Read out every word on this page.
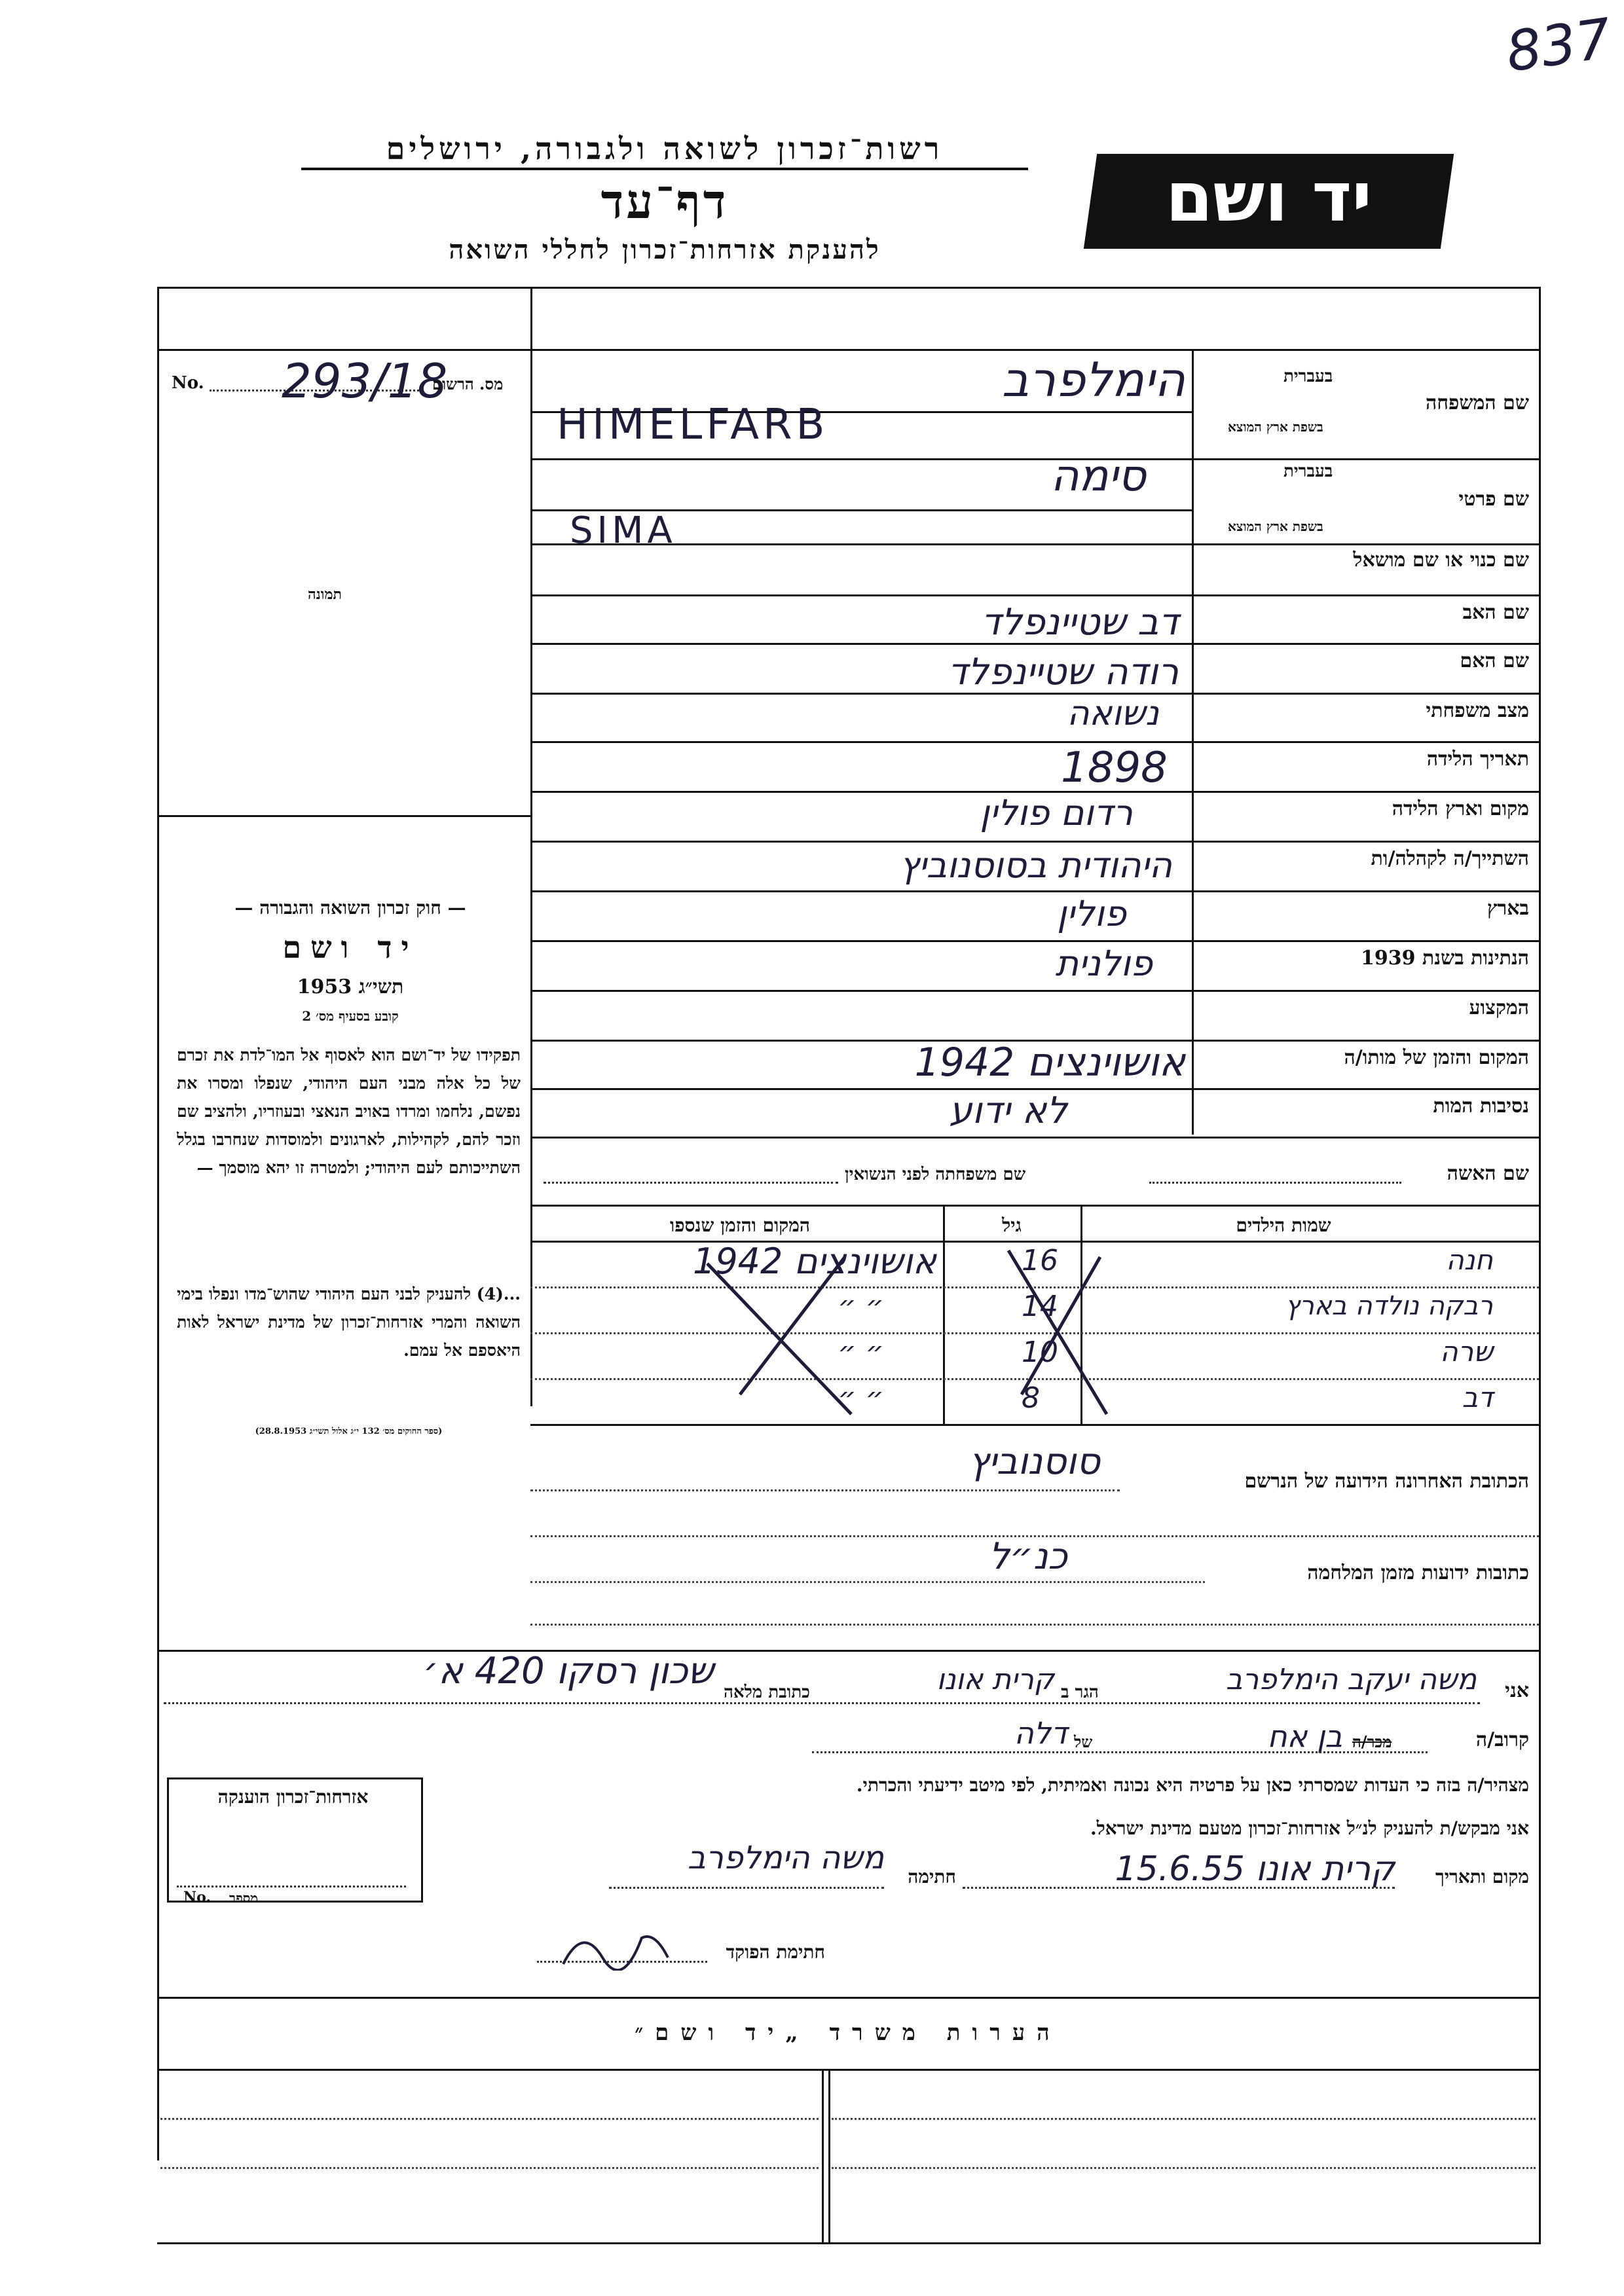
837
רשות־זכרון לשואה ולגבורה, ירושלים
דף־עד
להענקת אזרחות־זכרון לחללי השואה
יד ושם
No. 293/18
מס. הרשום
תמונה
בעברית
שם המשפחה
בשפת ארץ המוצא
בעברית
שם פרטי
בשפת ארץ המוצא
שם כנוי או שם מושאל
שם האב
שם האם
מצב משפחתי
תאריך הלידה
מקום וארץ הלידה
השתייך/ה לקהלה/ות
בארץ
הנתינות בשנת 1939
המקצוע
המקום והזמן של מותו/ה
נסיבות המות
הימלפרב
HIMELFARB
סימה
SIMA
דב שטיינפלד
רודה שטיינפלד
נשואה
1898
רדום פולין
היהודית בסוסנוביץ
פולין
פולנית
אושוינצים 1942
לא ידוע
— חוק זכרון השואה והגבורה —
יד ושם
תשי״ג 1953
קובע בסעיף מס׳ 2
תפקידו של יד־ושם הוא לאסוף אל המו־לדת את זכרם של כל אלה מבני העם היהודי, שנפלו ומסרו את נפשם, נלחמו ומרדו באויב הנאצי ובעוזריו, ולהציב שם וזכר להם, לקהילות, לארגונים ולמוסדות שנחרבו בגלל השתייכותם לעם היהודי; ולמטרה זו יהא מוסמך —
...(4) להעניק לבני העם היהודי שהוש־מדו ונפלו בימי השואה והמרי אזרחות־זכרון של מדינת ישראל לאות היאספם אל עמם.
(ספר החוקים מס׳ 132 י״ג אלול תשי״ג 28.8.1953)
שם האשה
שם משפחתה לפני הנשואין
שמות הילדים
גיל
המקום והזמן שנספו
חנה
16
אושוינצים 1942
רבקה נולדה בארץ
14
״ ״
שרה
10
״ ״
דב
8
״ ״
הכתובת האחרונה הידועה של הנרשם
סוסנוביץ
כתובות ידועות מזמן המלחמה
כנ״ל
אני
משה יעקב הימלפרב
הגר ב
קרית אונו
כתובת מלאה
שכון רסקו 420 א׳
קרוב/ה
מכר/ה
בן אח
של
דלה
מצהיר/ה בזה כי העדות שמסרתי כאן על פרטיה היא נכונה ואמיתית, לפי מיטב ידיעתי והכרתי.
אני מבקש/ת להעניק לנ״ל אזרחות־זכרון מטעם מדינת ישראל.
מקום ותאריך
קרית אונו 15.6.55
חתימה
משה הימלפרב
חתימת הפוקד
אזרחות־זכרון הוענקה
No. מספר
הערות משרד „יד ושם״
